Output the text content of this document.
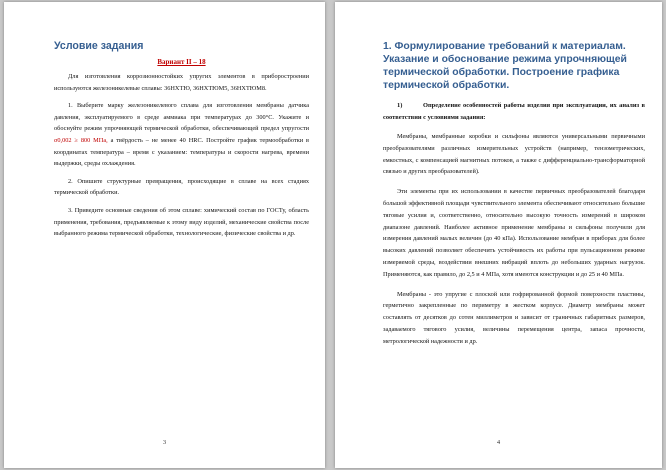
Условие задания
Вариант II – 18

Для изготовления коррозионностойких упругих элементов в приборостроении используются железоникелевые сплавы: 36НХТЮ, 36НХТЮМ5, 36НХТЮМ8.

1. Выберите марку железоникелевого сплава для изготовления мембраны датчика давления, эксплуатируемого в среде аммиака при температурах до 300°С. Укажите и обоснуйте режим упрочняющей термической обработки, обеспечивающей предел упругости σ0,002 ≥ 800 МПа, а твёрдость – не менее 40 HRC. Постройте график термообработки в координатах температура – время с указанием: температуры и скорости нагрева, времени выдержки, среды охлаждения.

2. Опишите структурные превращения, происходящие в сплаве на всех стадиях термической обработки.

3. Приведите основные сведения об этом сплаве: химический состав по ГОСТу, область применения, требования, предъявляемые к этому виду изделий, механические свойства после выбранного режима термической обработки, технологические, физические свойства и др.

3
1. Формулирование требований к материалам. Указание и обоснование режима упрочняющей термической обработки. Построение графика термической обработки.
1)	Определение особенностей работы изделия при эксплуатации, их анализ в соответствии с условиями задания:

Мембраны, мембранные коробки и сильфоны являются универсальными первичными преобразователями различных измерительных устройств (например, тензометрических, емкостных, с компенсацией магнитных потоков, а также с дифференциально-трансформаторной связью и других преобразователей).

Эти элементы при их использовании в качестве первичных преобразователей благодаря большой эффективной площади чувствительного элемента обеспечивают относительно большие тяговые усилия и, соответственно, относительно высокую точность измерений в широком диапазоне давлений. Наиболее активное применение мембраны и сильфоны получили для измерения давлений малых величин (до 40 кПа). Использование мембран в приборах для более высоких давлений позволяет обеспечить устойчивость их работы при пульсационном режиме измеряемой среды, воздействии внешних вибраций вплоть до небольших ударных нагрузок. Применяются, как правило, до 2,5 и 4 МПа, хотя имеются конструкции и до 25 и 40 МПа.

Мембраны - это упругие с плоской или гофрированной формой поверхности пластины, герметично закрепленные по периметру в жестком корпусе. Диаметр мембраны может составлять от десятков до сотен миллиметров и зависит от граничных габаритных размеров, задаваемого тягового усилия, величины перемещения центра, запаса прочности, метрологической надежности и др.

4
